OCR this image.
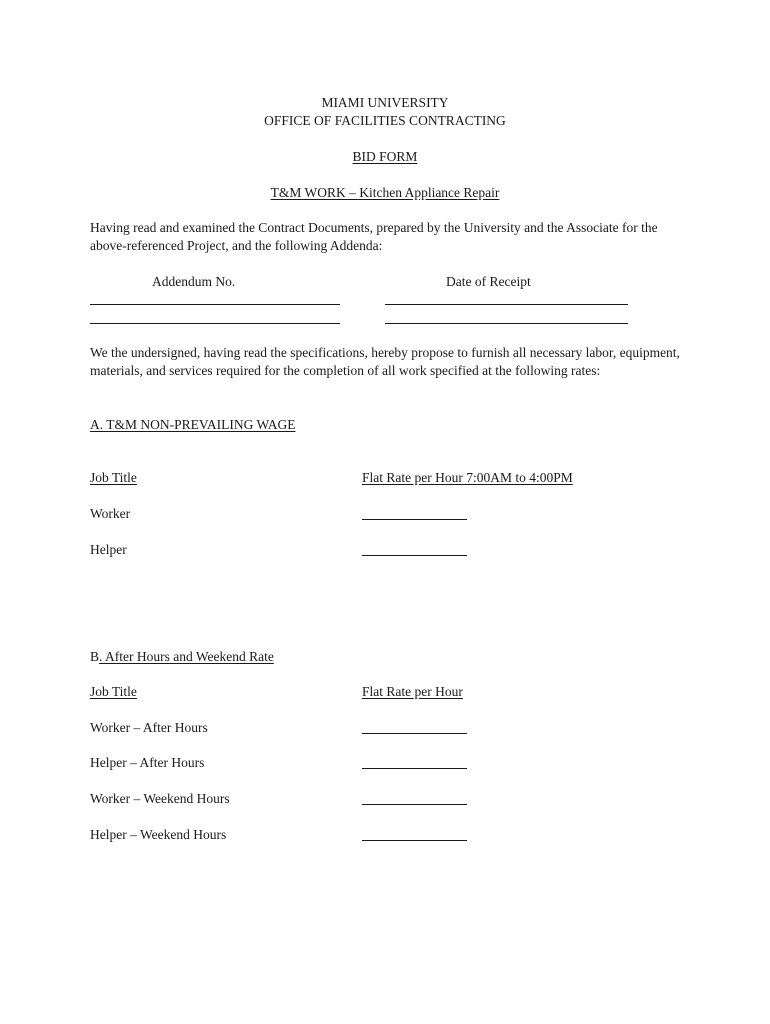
MIAMI UNIVERSITY
OFFICE OF FACILITIES CONTRACTING
BID FORM
T&M WORK – Kitchen Appliance Repair
Having read and examined the Contract Documents, prepared by the University and the Associate for the above-referenced Project, and the following Addenda:
Addendum No.	Date of Receipt
We the undersigned, having read the specifications, hereby propose to furnish all necessary labor, equipment, materials, and services required for the completion of all work specified at the following rates:
A. T&M NON-PREVAILING WAGE
Job Title	Flat Rate per Hour 7:00AM to 4:00PM
Worker
Helper
B. After Hours and Weekend Rate
Job Title	Flat Rate per Hour
Worker – After Hours
Helper – After Hours
Worker – Weekend Hours
Helper – Weekend Hours
